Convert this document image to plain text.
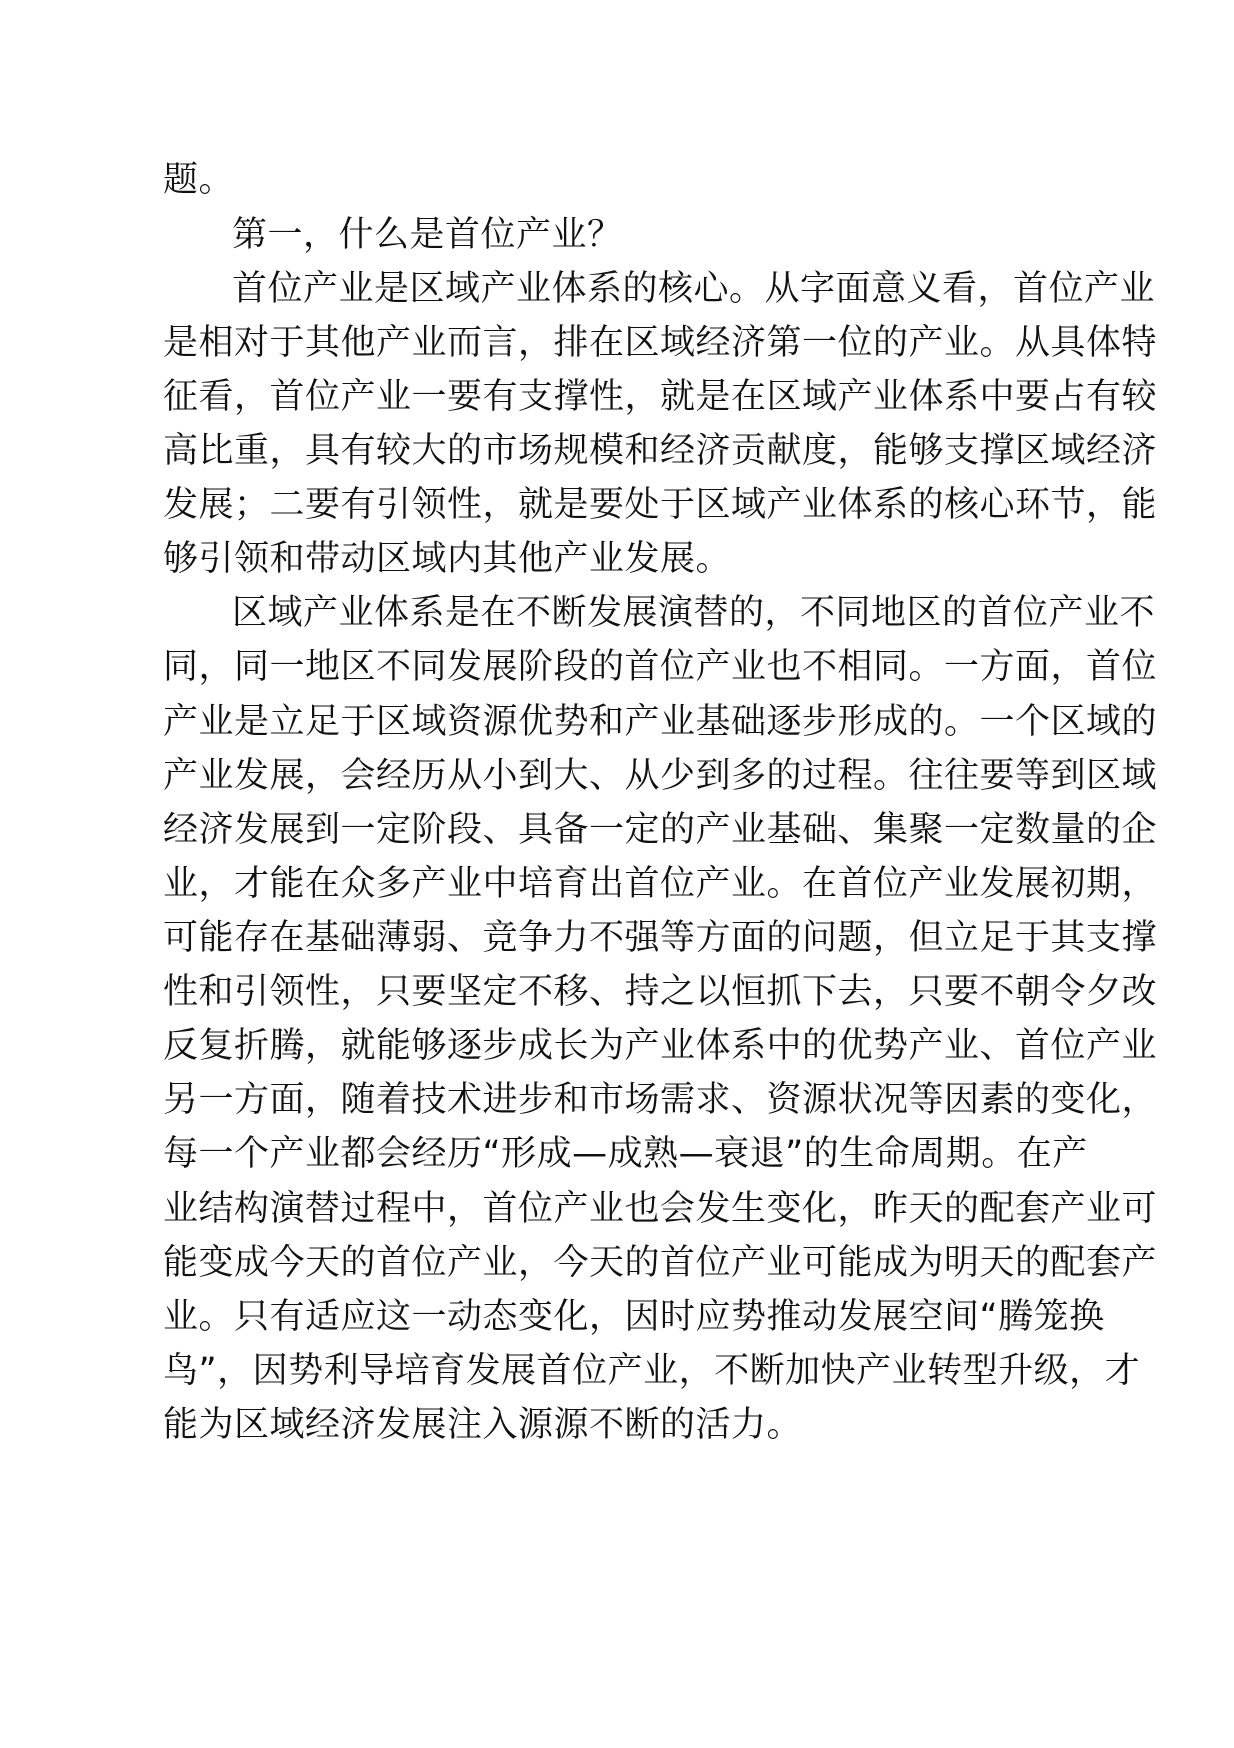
题。
第一，什么是首位产业？
首位产业是区域产业体系的核心。从字面意义看，首位产业
是相对于其他产业而言，排在区域经济第一位的产业。从具体特
征看，首位产业一要有支撑性，就是在区域产业体系中要占有较
高比重，具有较大的市场规模和经济贡献度，能够支撑区域经济
发展；二要有引领性，就是要处于区域产业体系的核心环节，能
够引领和带动区域内其他产业发展。
区域产业体系是在不断发展演替的，不同地区的首位产业不
同，同一地区不同发展阶段的首位产业也不相同。一方面，首位
产业是立足于区域资源优势和产业基础逐步形成的。一个区域的
产业发展，会经历从小到大、从少到多的过程。往往要等到区域
经济发展到一定阶段、具备一定的产业基础、集聚一定数量的企
业，才能在众多产业中培育出首位产业。在首位产业发展初期，
可能存在基础薄弱、竞争力不强等方面的问题，但立足于其支撑
性和引领性，只要坚定不移、持之以恒抓下去，只要不朝令夕改
反复折腾，就能够逐步成长为产业体系中的优势产业、首位产业
另一方面，随着技术进步和市场需求、资源状况等因素的变化，
每一个产业都会经历“形成—成熟—衰退”的生命周期。在产
业结构演替过程中，首位产业也会发生变化，昨天的配套产业可
能变成今天的首位产业，今天的首位产业可能成为明天的配套产
业。只有适应这一动态变化，因时应势推动发展空间“腾笼换
鸟”，因势利导培育发展首位产业，不断加快产业转型升级，才
能为区域经济发展注入源源不断的活力。
